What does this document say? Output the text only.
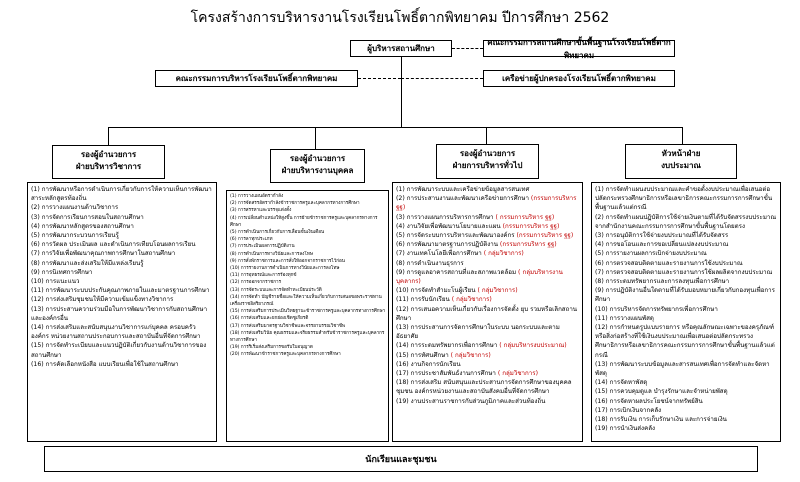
โครงสร้างการบริหารงานโรงเรียนโพธิ์ตากพิทยาคม ปีการศึกษา 2562
ผู้บริหารสถานศึกษา
คณะกรรมการสถานศึกษาขั้นพื้นฐานโรงเรียนโพธิ์ตากพิทยาคม
คณะกรรมการบริหารโรงเรียนโพธิ์ตากพิทยาคม	เครือข่ายผู้ปกครองโรงเรียนโพธิ์ตากพิทยาคม
รองผู้อำนวยการ
ฝ่ายบริหารวิชาการ
รองผู้อำนวยการ
ฝ่ายบริหารงานบุคคล
รองผู้อำนวยการ
ฝ่ายการบริหารทั่วไป
หัวหน้าฝ่าย
งบประมาณ
(1) การพัฒนาหรือการดำเนินการเกี่ยวกับการให้ความเห็นการพัฒนาสาระหลักสูตรท้องถิ่น
(2) การวางแผนงานด้านวิชาการ
(3) การจัดการเรียนการสอนในสถานศึกษา
(4) การพัฒนาหลักสูตรของสถานศึกษา
(5) การพัฒนากระบวนการเรียนรู้
(6) การวัดผล ประเมินผล และดำเนินการเทียบโอนผลการเรียน
(7) การวิจัยเพื่อพัฒนาคุณภาพการศึกษาในสถานศึกษา
(8) การพัฒนาและส่งเสริมให้มีแหล่งเรียนรู้
(9) การนิเทศการศึกษา
(10) การแนะแนว
(11) การพัฒนาระบบประกันคุณภาพภายในและมาตรฐานการศึกษา
(12) การส่งเสริมชุมชนให้มีความเข้มแข็งทางวิชาการ
(13) การประสานความร่วมมือในการพัฒนาวิชาการกับสถานศึกษาและองค์กรอื่น
(14) การส่งเสริมและสนับสนุนงานวิชาการแก่บุคคล ครอบครัว องค์กร หน่วยงานสถานประกอบการและสถาบันอื่นที่จัดการศึกษา
(15) การจัดทำระเบียบและแนวปฏิบัติเกี่ยวกับงานด้านวิชาการของสถานศึกษา
(16) การคัดเลือกหนังสือ แบบเรียนเพื่อใช้ในสถานศึกษา
(1) การวางแผนอัตรากำลัง
(2) การจัดสรรอัตรากำลังข้าราชการครูและบุคลากรทางการศึกษา
(3) การสรรหาและบรรจุแต่งตั้ง
(4) การเปลี่ยนตำแหน่งให้สูงขึ้น การย้ายข้าราชการครูและบุคลากรทางการศึกษา
(5) การดำเนินการเกี่ยวกับการเลื่อนขั้นเงินเดือน
(6) การลาทุกประเภท
(7) การประเมินผลการปฏิบัติงาน
(8) การดำเนินการทางวินัยและการลงโทษ
(9) การสั่งพักราชการและการสั่งให้ออกจากราชการไว้ก่อน
(10) การรายงานการดำเนินการทางวินัยและการลงโทษ
(11) การอุทธรณ์และการร้องทุกข์
(12) การออกจากราชการ
(13) การจัดระบบและการจัดทำทะเบียนประวัติ
(14) การจัดทำ บัญชีรายชื่อและให้ความเห็นเกี่ยวกับการเสนอขอพระราชทานเครื่องราชอิสริยาภรณ์
(15) การส่งเสริมการประเมินวิทยฐานะข้าราชการครูและบุคลากรทางการศึกษา
(16) การส่งเสริมและยกย่องเชิดชูเกียรติ
(17) การส่งเสริมมาตรฐานวิชาชีพและจรรยาบรรณวิชาชีพ
(18) การส่งเสริมวินัย คุณธรรมและจริยธรรมสำหรับข้าราชการครูและบุคลากรทางการศึกษา
(19) การริเริ่มส่งเสริมการขอรับใบอนุญาต
(20) การพัฒนาข้าราชการครูและบุคลากรทางการศึกษา
(1) การพัฒนาระบบและเครือข่ายข้อมูลสารสนเทศ
(2) การประสานงานและพัฒนาเครือข่ายการศึกษา (กรรมการบริหาร ฐฐ)
(3) การวางแผนการบริหารการศึกษา ( กรรมการบริหาร ฐฐ)
(4) งานวิจัยเพื่อพัฒนานโยบายและแผน (กรรมการบริหาร ฐฐ)
(5) การจัดระบบการบริหารและพัฒนาองค์กร (กรรมการบริหาร ฐฐ)
(6) การพัฒนามาตรฐานการปฏิบัติงาน (กรรมการบริหาร ฐฐ)
(7) งานเทคโนโลยีเพื่อการศึกษา ( กลุ่มวิชาการ)
(8) การดำเนินงานธุรการ
(9) การดูแลอาคารสถานที่และสภาพแวดล้อม ( กลุ่มบริหารงานบุคลากร)
(10) การจัดทำสำมะโนผู้เรียน ( กลุ่มวิชาการ)
(11) การรับนักเรียน ( กลุ่มวิชาการ)
(12) การเสนอความเห็นเกี่ยวกับเรื่องการจัดตั้ง ยุบ รวมหรือเลิกสถานศึกษา
(13) การประสานการจัดการศึกษาในระบบ นอกระบบและตามอัธยาศัย
(14) การระดมทรัพยากรเพื่อการศึกษา ( กลุ่มบริหารงบประมาณ)
(15) การทัศนศึกษา ( กลุ่มวิชาการ)
(16) งานกิจการนักเรียน
(17) การประชาสัมพันธ์งานการศึกษา ( กลุ่มวิชาการ)
(18) การส่งเสริม สนับสนุนและประสานการจัดการศึกษาของบุคคล ชุมชน องค์กรหน่วยงานและสถาบันสังคมอื่นที่จัดการศึกษา
(19) งานประสานราชการกับส่วนภูมิภาคและส่วนท้องถิ่น
(1) การจัดทำแผนงบประมาณและคำขอตั้งงบประมาณเพื่อเสนอต่อปลัดกระทรวงศึกษาธิการหรือเลขาธิการคณะกรรมการการศึกษาขั้นพื้นฐานแล้วแต่กรณี
(2) การจัดทำแผนปฏิบัติการใช้จ่ายเงินตามที่ได้รับจัดสรรงบประมาณจากสำนักงานคณะกรรมการการศึกษาขั้นพื้นฐานโดยตรง
(3) การอนุมัติการใช้จ่ายงบประมาณที่ได้รับจัดสรร
(4) การขอโอนและการขอเปลี่ยนแปลงงบประมาณ
(5) การรายงานผลการเบิกจ่ายงบประมาณ
(6) การตรวจสอบติดตามและรายงานการใช้งบประมาณ
(7) การตรวจสอบติดตามและรายงานการใช้ผลผลิตจากงบประมาณ
(8) การระดมทรัพยากรและการลงทุนเพื่อการศึกษา
(9) การปฏิบัติงานอื่นใดตามที่ได้รับมอบหมายเกี่ยวกับกองทุนเพื่อการศึกษา
(10) การบริหารจัดการทรัพยากรเพื่อการศึกษา
(11) การวางแผนพัสดุ
(12) การกำหนดรูปแบบรายการ หรือคุณลักษณะเฉพาะของครุภัณฑ์ หรือสิ่งก่อสร้างที่ใช้เงินงบประมาณเพื่อเสนอต่อปลัดกระทรวงศึกษาธิการหรือเลขาธิการคณะกรรมการการศึกษาขั้นพื้นฐานแล้วแต่กรณี
(13) การพัฒนาระบบข้อมูลและสารสนเทศเพื่อการจัดทำและจัดหาพัสดุ
(14) การจัดหาพัสดุ
(15) การควบคุมดูแล บำรุงรักษาและจำหน่ายพัสดุ
(16) การจัดหาผลประโยชน์จากทรัพย์สิน
(17) การเบิกเงินจากคลัง
(18) การรับเงิน การเก็บรักษาเงิน และการจ่ายเงิน
(19) การนำเงินส่งคลัง
นักเรียนและชุมชน
